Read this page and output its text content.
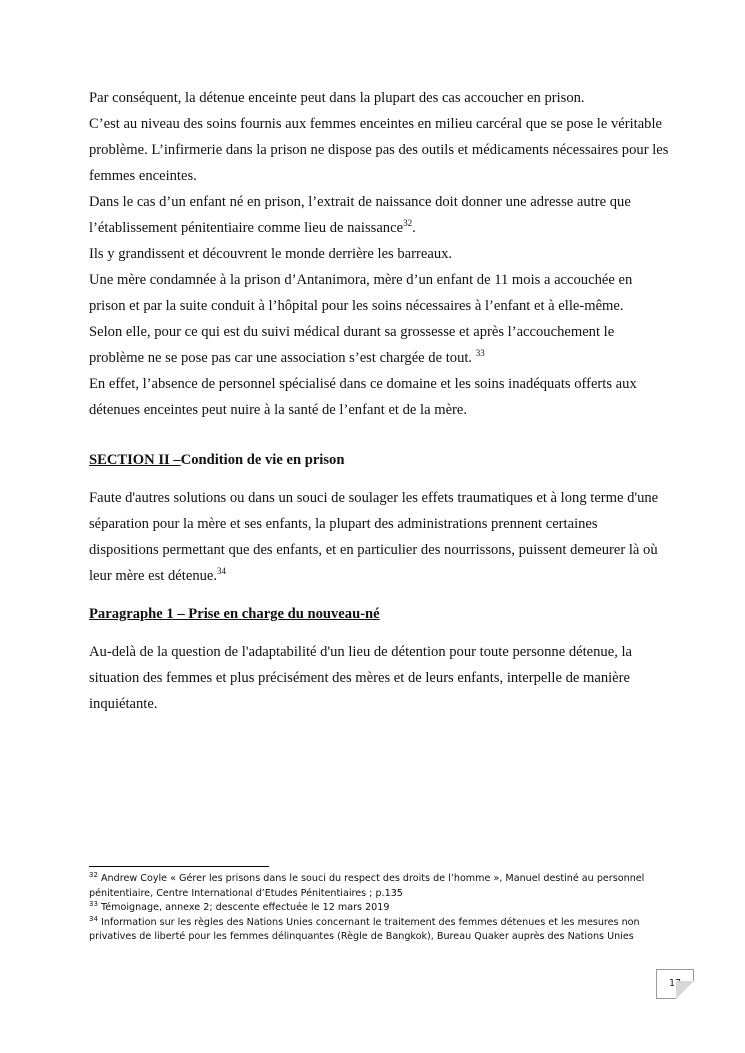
Par conséquent, la détenue enceinte peut dans la plupart des cas accoucher en prison.

C’est au niveau des soins fournis aux femmes enceintes en milieu carcéral que se pose le véritable problème. L’infirmerie dans la prison ne dispose pas des outils et médicaments nécessaires pour les femmes enceintes.

Dans le cas d’un enfant né en prison, l’extrait de naissance doit donner une adresse autre que l’établissement pénitentiaire comme lieu de naissance$^{32}$.

Ils y grandissent et découvrent le monde derrière les barreaux.

Une mère condamnée à la prison d’Antanimora, mère d’un enfant de 11 mois a accouchée en prison et par la suite conduit à l’hôpital pour les soins nécessaires à l’enfant et à elle-même.

Selon elle, pour ce qui est du suivi médical durant sa grossesse et après l’accouchement le problème ne se pose pas car une association s’est chargée de tout. $^{33}$

En effet, l’absence de personnel spécialisé dans ce domaine et les soins inadéquats offerts aux détenues enceintes peut nuire à la santé de l’enfant et de la mère.

SECTION II –Condition de vie en prison

Faute d'autres solutions ou dans un souci de soulager les effets traumatiques et à long terme d'une séparation pour la mère et ses enfants, la plupart des administrations prennent certaines dispositions permettant que des enfants, et en particulier des nourrissons, puissent demeurer là où leur mère est détenue.$^{34}$

Paragraphe 1 – Prise en charge du nouveau-né

Au-delà de la question de l'adaptabilité d'un lieu de détention pour toute personne détenue, la situation des femmes et plus précisément des mères et de leurs enfants, interpelle de manière inquiétante.

$^{32}$ Andrew Coyle « Gérer les prisons dans le souci du respect des droits de l’homme », Manuel destiné au personnel pénitentiaire, Centre International d’Etudes Pénitentiaires ; p.135

$^{33}$ Témoignage, annexe 2; descente effectuée le 12 mars 2019

$^{34}$ Information sur les règles des Nations Unies concernant le traitement des femmes détenues et les mesures non privatives de liberté pour les femmes délinquantes (Règle de Bangkok), Bureau Quaker auprès des Nations Unies

17
